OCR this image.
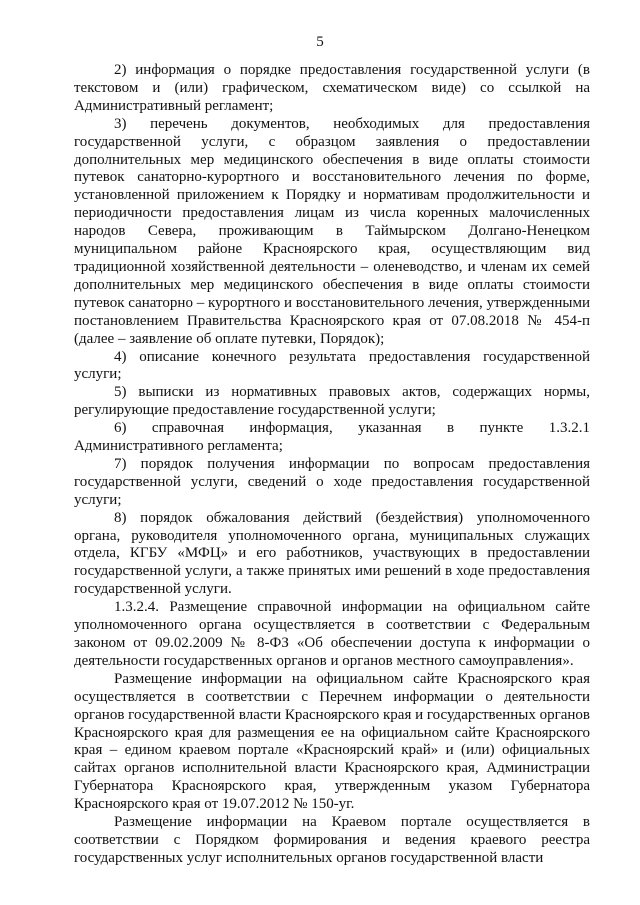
5

2) информация о порядке предоставления государственной услуги (в текстовом и (или) графическом, схематическом виде) со ссылкой на Административный регламент;

3) перечень документов, необходимых для предоставления государственной услуги, с образцом заявления о предоставлении дополнительных мер медицинского обеспечения в виде оплаты стоимости путевок санаторно-курортного и восстановительного лечения по форме, установленной приложением к Порядку и нормативам продолжительности и периодичности предоставления лицам из числа коренных малочисленных народов Севера, проживающим в Таймырском Долгано-Ненецком муниципальном районе Красноярского края, осуществляющим вид традиционной хозяйственной деятельности – оленеводство, и членам их семей дополнительных мер медицинского обеспечения в виде оплаты стоимости путевок санаторно – курортного и восстановительного лечения, утвержденными постановлением Правительства Красноярского края от 07.08.2018 № 454-п (далее – заявление об оплате путевки, Порядок);

4) описание конечного результата предоставления государственной услуги;

5) выписки из нормативных правовых актов, содержащих нормы, регулирующие предоставление государственной услуги;

6) справочная информация, указанная в пункте 1.3.2.1 Административного регламента;

7) порядок получения информации по вопросам предоставления государственной услуги, сведений о ходе предоставления государственной услуги;

8) порядок обжалования действий (бездействия) уполномоченного органа, руководителя уполномоченного органа, муниципальных служащих отдела, КГБУ «МФЦ» и его работников, участвующих в предоставлении государственной услуги, а также принятых ими решений в ходе предоставления государственной услуги.

1.3.2.4. Размещение справочной информации на официальном сайте уполномоченного органа осуществляется в соответствии с Федеральным законом от 09.02.2009 № 8-ФЗ «Об обеспечении доступа к информации о деятельности государственных органов и органов местного самоуправления».

Размещение информации на официальном сайте Красноярского края осуществляется в соответствии с Перечнем информации о деятельности органов государственной власти Красноярского края и государственных органов Красноярского края для размещения ее на официальном сайте Красноярского края – едином краевом портале «Красноярский край» и (или) официальных сайтах органов исполнительной власти Красноярского края, Администрации Губернатора Красноярского края, утвержденным указом Губернатора Красноярского края от 19.07.2012 № 150-уг.

Размещение информации на Краевом портале осуществляется в соответствии с Порядком формирования и ведения краевого реестра государственных услуг исполнительных органов государственной власти
